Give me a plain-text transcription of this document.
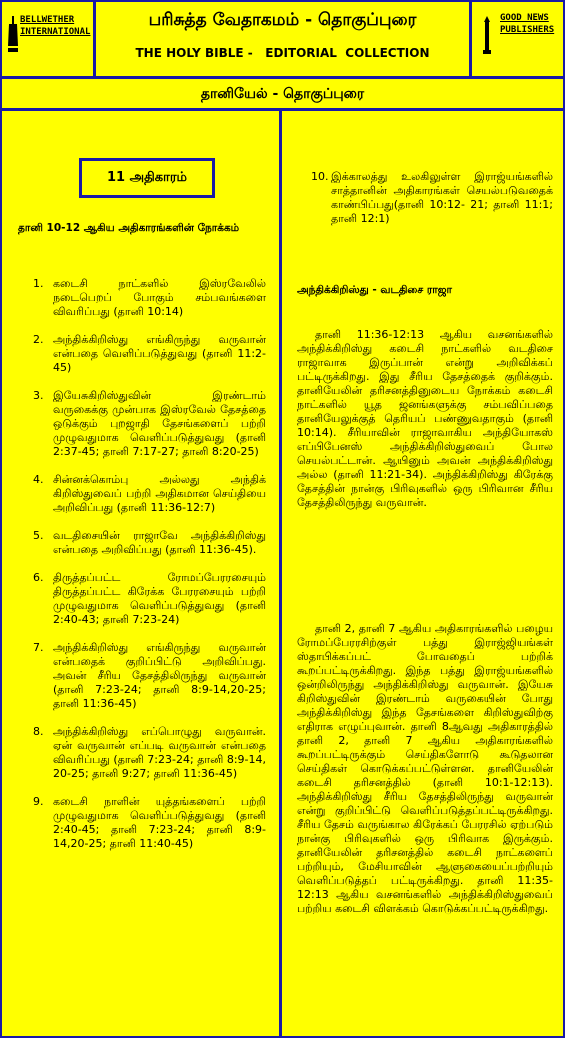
BELLWETHER
INTERNATIONAL
பரிசுத்த வேதாகமம் - தொகுப்புரை
THE HOLY BIBLE -   EDITORIAL  COLLECTION
GOOD NEWS
PUBLISHERS
தானியேல் - தொகுப்புரை
11 அதிகாரம்
தானி 10-12 ஆகிய அதிகாரங்களின் நோக்கம்
1. கடைசி நாட்களில் இஸ்ரவேலில் நடைபெறப் போகும் சம்பவங்களை விவரிப்பது (தானி 10:14)
2. அந்திக்கிறிஸ்து எங்கிருந்து வருவான் என்பதை வெளிப்படுத்துவது (தானி 11:2-45)
3. இயேசுகிறிஸ்துவின் இரண்டாம் வருகைக்கு முன்பாக இஸ்ரவேல் தேசத்தை ஒடுக்கும் புறஜாதி தேசங்களைப் பற்றி முழுவதுமாக வெளிப்படுத்துவது (தானி 2:37-45; தானி 7:17-27; தானி 8:20-25)
4. சின்னக்கொம்பு அல்லது அந்திக் கிறிஸ்துவைப் பற்றி அதிகமான செய்தியை அறிவிப்பது (தானி 11:36-12:7)
5. வடதிசையின் ராஜாவே அந்திக்கிறிஸ்து என்பதை அறிவிப்பது (தானி 11:36-45).
6. திருத்தப்பட்ட ரோமப்பேரரசையும் திருத்தப்பட்ட கிரேக்க பேரரசையும் பற்றி முழுவதுமாக வெளிப்படுத்துவது (தானி 2:40-43; தானி 7:23-24)
7. அந்திக்கிறிஸ்து எங்கிருந்து வருவான் என்பதைக் குறிப்பிட்டு அறிவிப்பது. அவன் சீரிய தேசத்திலிருந்து வருவான் (தானி 7:23-24; தானி 8:9-14,20-25; தானி 11:36-45)
8. அந்திக்கிறிஸ்து எப்பொழுது வருவான். ஏன் வருவான் எப்படி வருவான் என்பதை விவரிப்பது (தானி 7:23-24; தானி 8:9-14, 20-25; தானி 9:27; தானி 11:36-45)
9. கடைசி நாளின் யுத்தங்களைப் பற்றி முழுவதுமாக வெளிப்படுத்துவது (தானி 2:40-45; தானி 7:23-24; தானி 8:9-14,20-25; தானி 11:40-45)
10. இக்காலத்து உலகிலுள்ள இராஜ்யங்களில் சாத்தானின் அதிகாரங்கள் செயல்படுவதைக் காண்பிப்பது(தானி 10:12- 21; தானி 11:1; தானி 12:1)
அந்திக்கிறிஸ்து - வடதிசை ராஜா
தானி 11:36-12:13 ஆகிய வசனங்களில் அந்திக்கிறிஸ்து கடைசி நாட்களில் வடதிசை ராஜாவாக இருப்பான் என்று அறிவிக்கப் பட்டிருக்கிறது. இது சீரிய தேசத்தைக் குறிக்கும். தானியேலின் தரிசனத்தினுடைய நோக்கம் கடைசி நாட்களில் யூத ஜனங்களுக்கு சம்பவிப்பதை தானியேலுக்குத் தெரியப் பண்ணுவதாகும் (தானி 10:14). சீரியாவின் ராஜாவாகிய அந்தியோகஸ் எப்பிபேனஸ் அந்திக்கிறிஸ்துவைப் போல செயல்பட்டான். ஆயினும் அவன் அந்திக்கிறிஸ்து அல்ல (தானி 11:21-34). அந்திக்கிறிஸ்து கிரேக்கு தேசத்தின் நான்கு பிரிவுகளில் ஒரு பிரிவான சீரிய தேசத்திலிருந்து வருவான்.
தானி 2, தானி 7 ஆகிய அதிகாரங்களில் பழைய ரோமப்பேரரசிற்குள் பத்து இராஜ்ஜியங்கள் ஸ்தாபிக்கப்பட் போவதைப் பற்றிக் கூறப்பட்டிருக்கிறது. இந்த பத்து இராஜ்யங்களில் ஒன்றிலிருந்து அந்திக்கிறிஸ்து வருவான். இயேசு கிறிஸ்துவின் இரண்டாம் வருகையின் போது அந்திக்கிறிஸ்து இந்த தேசங்களை கிறிஸ்துவிற்கு எதிராக எழுப்புவான். தானி 8ஆவது அதிகாரத்தில் தானி 2, தானி 7 ஆகிய அதிகாரங்களில் கூறப்பட்டிருக்கும் செய்திகளோடு கூடுதலான செய்திகள் கொடுக்கப்பட்டுள்ளன. தானியேலின் கடைசி தரிசனத்தில் (தானி 10:1-12:13). அந்திக்கிறிஸ்து சீரிய தேசத்திலிருந்து வருவான் என்று குறிப்பிட்டு வெளிப்படுத்தப்பட்டிருக்கிறது. சீரிய தேசம் வருங்கால கிரேக்கப் பேரரசில் ஏற்படும் நான்கு பிரிவுகளில் ஒரு பிரிவாக இருக்கும். தானியேலின் தரிசனத்தில் கடைசி நாட்களைப் பற்றியும், மேசியாவின் ஆளுகையைப்பற்றியும் வெளிப்படுத்தப் பட்டிருக்கிறது. தானி 11:35-12:13 ஆகிய வசனங்களில் அந்திக்கிறிஸ்துவைப் பற்றிய கடைசி விளக்கம் கொடுக்கப்பட்டிருக்கிறது.
